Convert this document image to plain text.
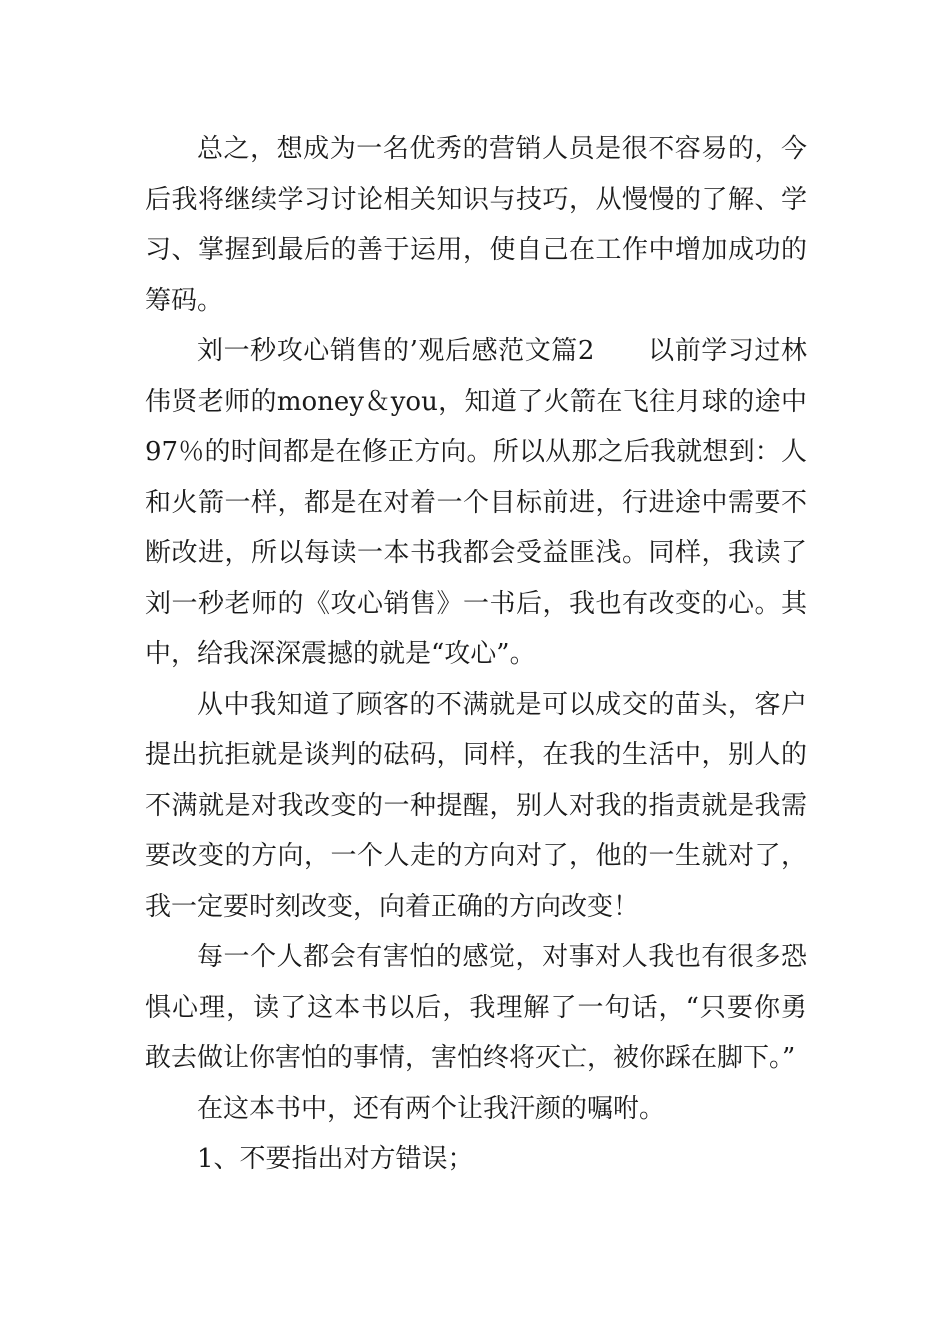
总之，想成为一名优秀的营销人员是很不容易的，今后我将继续学习讨论相关知识与技巧，从慢慢的了解、学习、掌握到最后的善于运用，使自己在工作中增加成功的筹码。

刘一秒攻心销售的’观后感范文篇2　　以前学习过林伟贤老师的money＆you，知道了火箭在飞往月球的途中97％的时间都是在修正方向。所以从那之后我就想到：人和火箭一样，都是在对着一个目标前进，行进途中需要不断改进，所以每读一本书我都会受益匪浅。同样，我读了刘一秒老师的《攻心销售》一书后，我也有改变的心。其中，给我深深震撼的就是“攻心”。

从中我知道了顾客的不满就是可以成交的苗头，客户提出抗拒就是谈判的砝码，同样，在我的生活中，别人的不满就是对我改变的一种提醒，别人对我的指责就是我需要改变的方向，一个人走的方向对了，他的一生就对了，我一定要时刻改变，向着正确的方向改变！

每一个人都会有害怕的感觉，对事对人我也有很多恐惧心理，读了这本书以后，我理解了一句话，“只要你勇敢去做让你害怕的事情，害怕终将灭亡，被你踩在脚下。”

在这本书中，还有两个让我汗颜的嘱咐。

1、不要指出对方错误；
